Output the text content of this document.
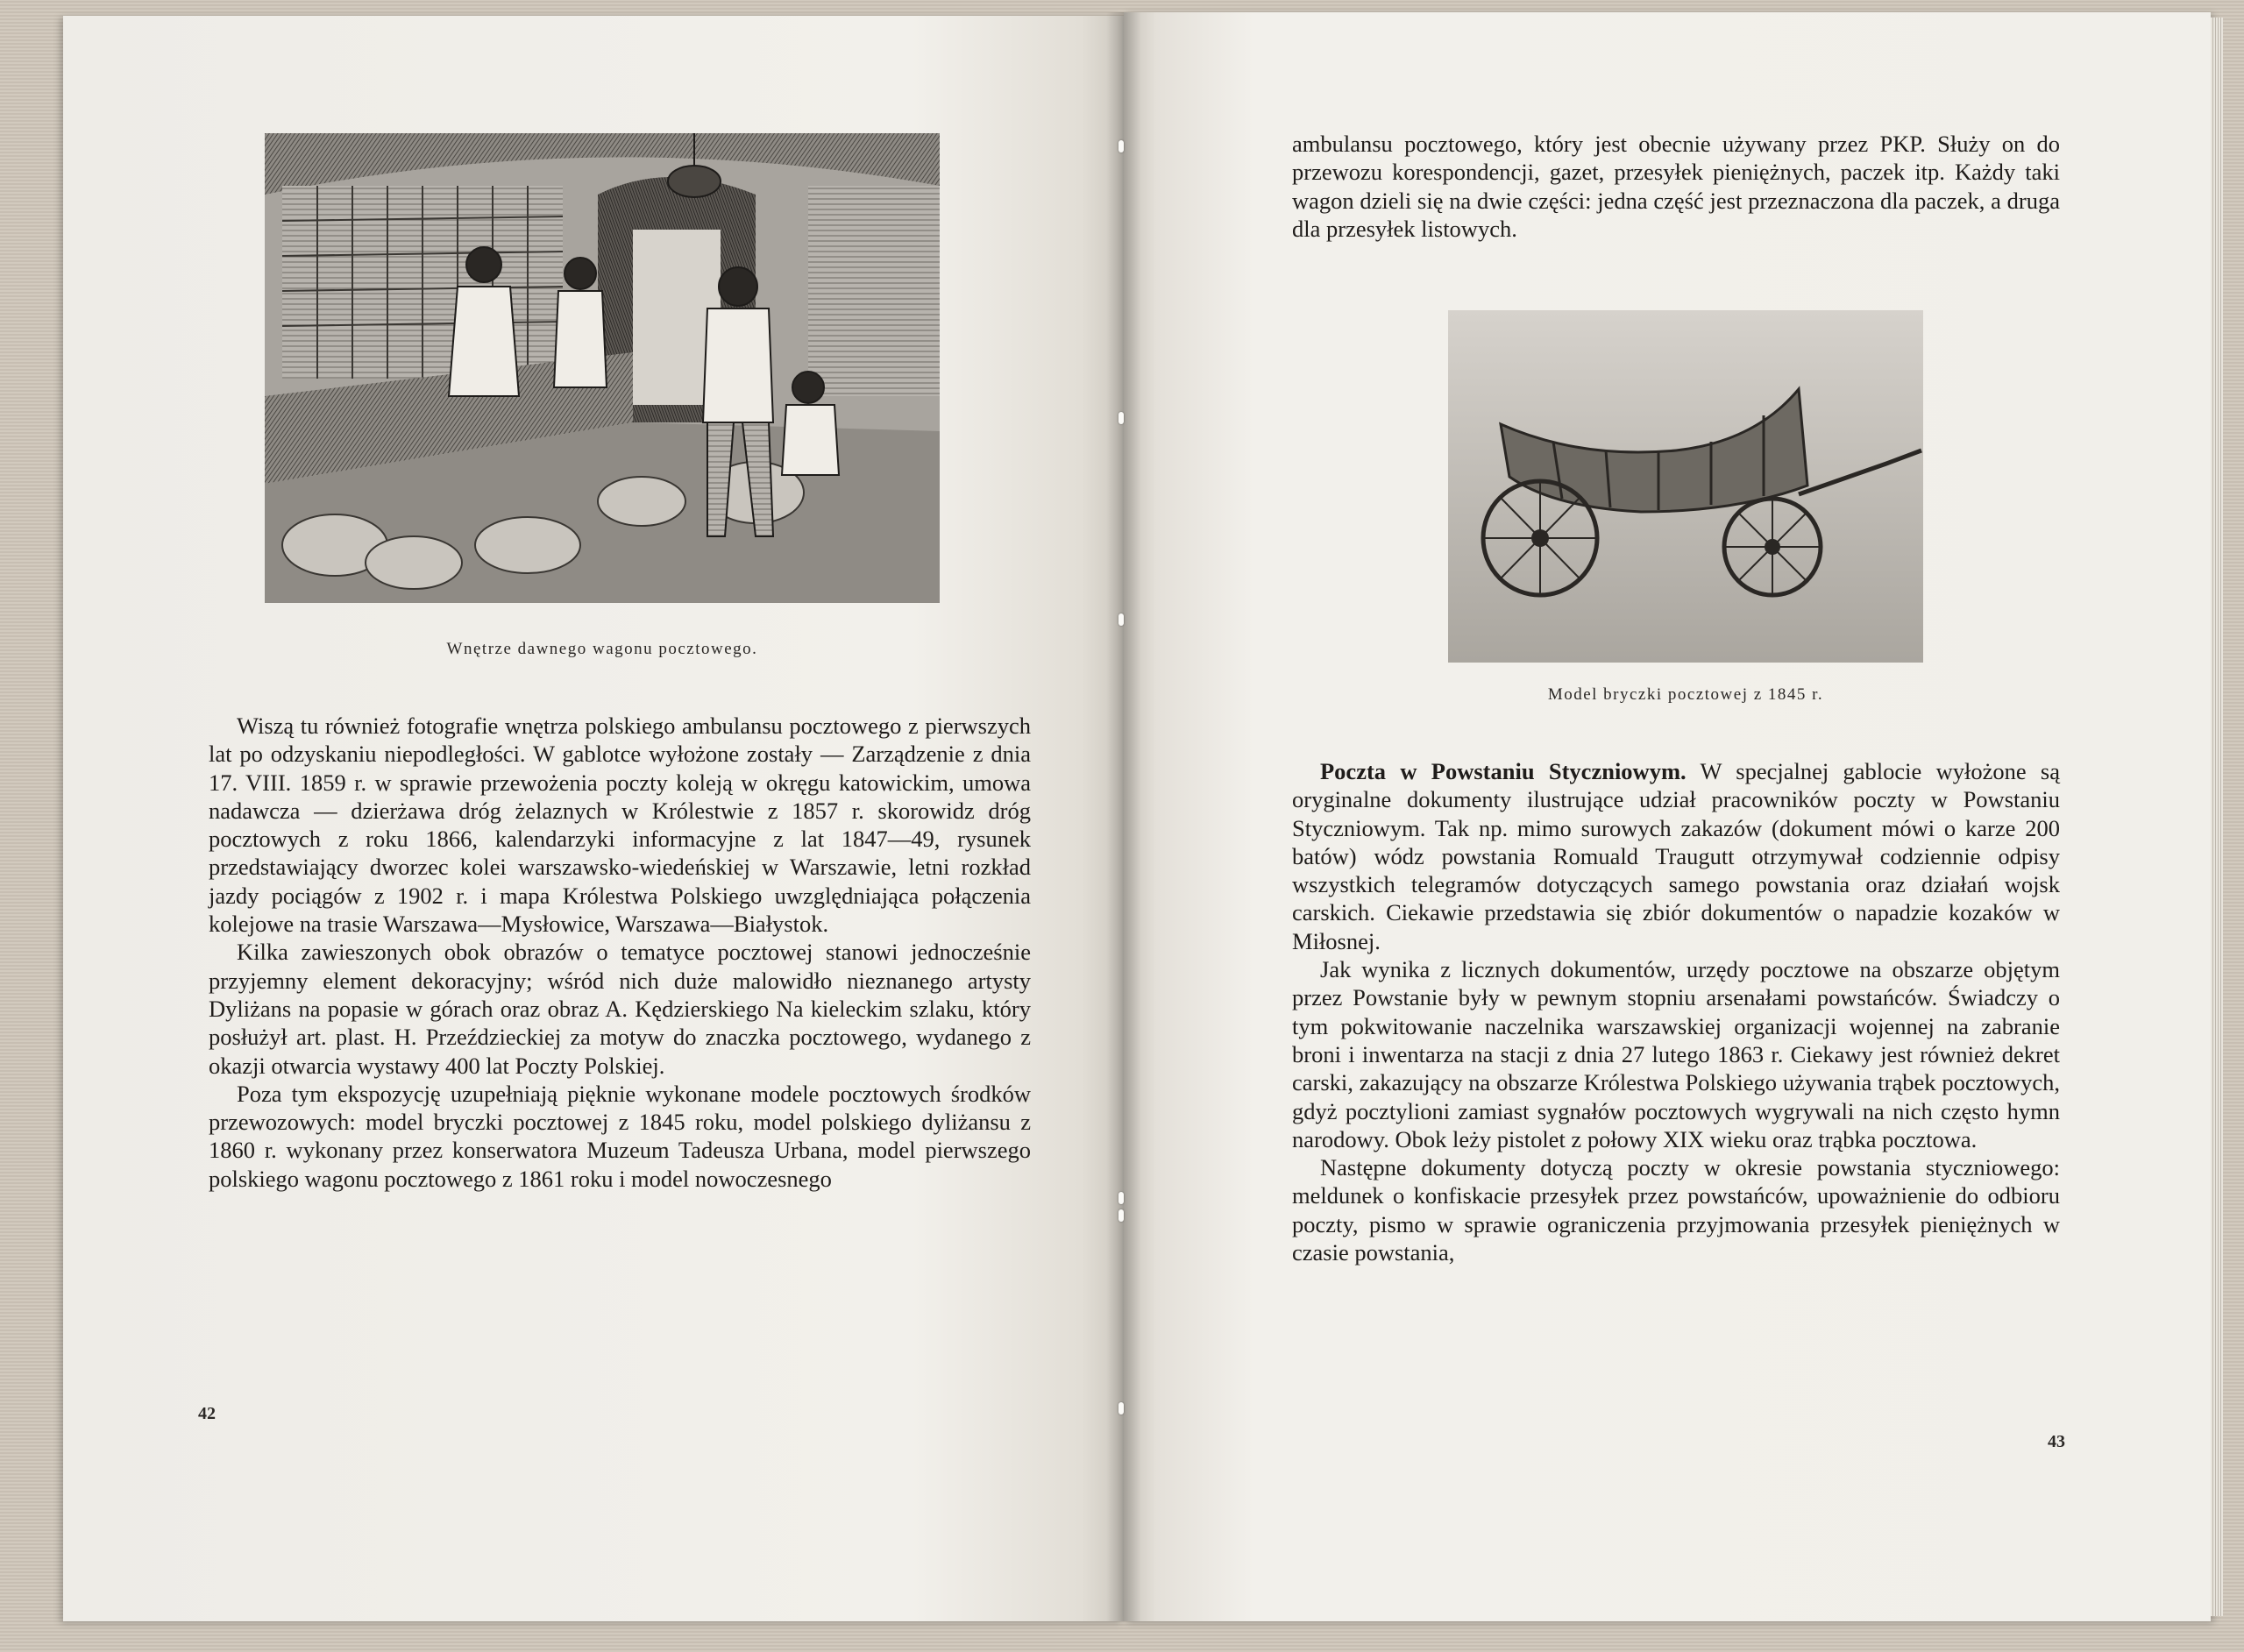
Wnętrze dawnego wagonu pocztowego.

Wiszą tu również fotografie wnętrza polskiego ambulansu pocztowego z pierwszych lat po odzyskaniu niepodległości. W gablotce wyłożone zostały — Zarządzenie z dnia 17. VIII. 1859 r. w sprawie przewożenia poczty koleją w okręgu katowickim, umowa nadawcza — dzierżawa dróg żelaznych w Królestwie z 1857 r. skorowidz dróg pocztowych z roku 1866, kalendarzyki informacyjne z lat 1847—49, rysunek przedstawiający dworzec kolei warszawsko-wiedeńskiej w Warszawie, letni rozkład jazdy pociągów z 1902 r. i mapa Królestwa Polskiego uwzględniająca połączenia kolejowe na trasie Warszawa—Mysłowice, Warszawa—Białystok.

Kilka zawieszonych obok obrazów o tematyce pocztowej stanowi jednocześnie przyjemny element dekoracyjny; wśród nich duże malowidło nieznanego artysty Dyliżans na popasie w górach oraz obraz A. Kędzierskiego Na kieleckim szlaku, który posłużył art. plast. H. Przeździeckiej za motyw do znaczka pocztowego, wydanego z okazji otwarcia wystawy 400 lat Poczty Polskiej.

Poza tym ekspozycję uzupełniają pięknie wykonane modele pocztowych środków przewozowych: model bryczki pocztowej z 1845 roku, model polskiego dyliżansu z 1860 r. wykonany przez konserwatora Muzeum Tadeusza Urbana, model pierwszego polskiego wagonu pocztowego z 1861 roku i model nowoczesnego

42

ambulansu pocztowego, który jest obecnie używany przez PKP. Służy on do przewozu korespondencji, gazet, przesyłek pieniężnych, paczek itp. Każdy taki wagon dzieli się na dwie części: jedna część jest przeznaczona dla paczek, a druga dla przesyłek listowych.

Model bryczki pocztowej z 1845 r.

Poczta w Powstaniu Styczniowym. W specjalnej gablocie wyłożone są oryginalne dokumenty ilustrujące udział pracowników poczty w Powstaniu Styczniowym. Tak np. mimo surowych zakazów (dokument mówi o karze 200 batów) wódz powstania Romuald Traugutt otrzymywał codziennie odpisy wszystkich telegramów dotyczących samego powstania oraz działań wojsk carskich. Ciekawie przedstawia się zbiór dokumentów o napadzie kozaków w Miłosnej.

Jak wynika z licznych dokumentów, urzędy pocztowe na obszarze objętym przez Powstanie były w pewnym stopniu arsenałami powstańców. Świadczy o tym pokwitowanie naczelnika warszawskiej organizacji wojennej na zabranie broni i inwentarza na stacji z dnia 27 lutego 1863 r. Ciekawy jest również dekret carski, zakazujący na obszarze Królestwa Polskiego używania trąbek pocztowych, gdyż pocztylioni zamiast sygnałów pocztowych wygrywali na nich często hymn narodowy. Obok leży pistolet z połowy XIX wieku oraz trąbka pocztowa.

Następne dokumenty dotyczą poczty w okresie powstania styczniowego: meldunek o konfiskacie przesyłek przez powstańców, upoważnienie do odbioru poczty, pismo w sprawie ograniczenia przyjmowania przesyłek pieniężnych w czasie powstania,

43
